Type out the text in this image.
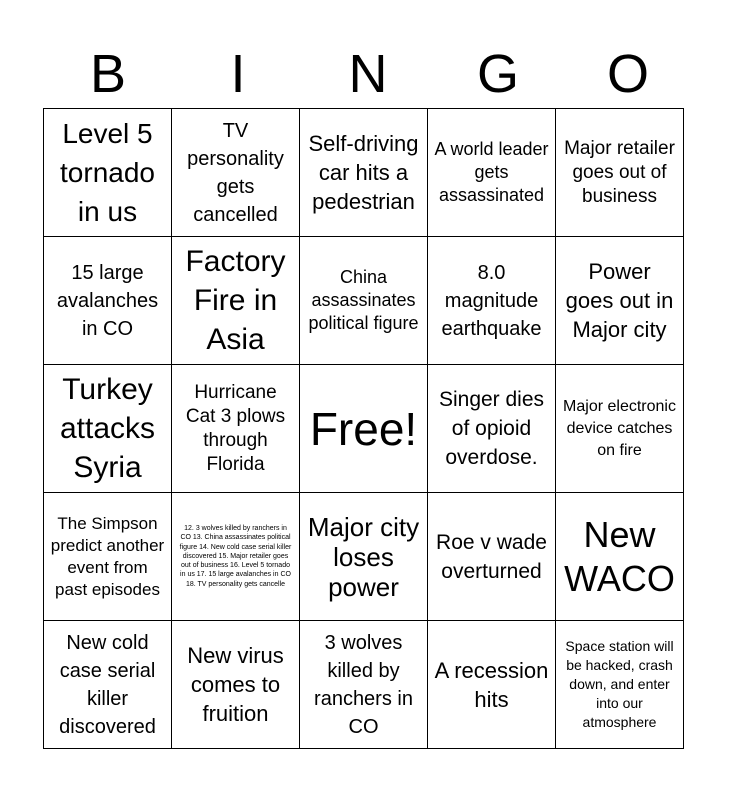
B	I	N	G	O
Level 5 tornado in us	TV personality gets cancelled	Self-driving car hits a pedestrian	A world leader gets assassinated	Major retailer goes out of business
15 large avalanches in CO	Factory Fire in Asia	China assassinates political figure	8.0 magnitude earthquake	Power goes out in Major city
Turkey attacks Syria	Hurricane Cat 3 plows through Florida	Free!	Singer dies of opioid overdose.	Major electronic device catches on fire
The Simpson predict another event from past episodes	12. 3 wolves killed by ranchers in CO 13. China assassinates political figure 14. New cold case serial killer discovered 15. Major retailer goes out of business 16. Level 5 tornado in us 17. 15 large avalanches in CO 18. TV personality gets cancelle	Major city loses power	Roe v wade overturned	New WACO
New cold case serial killer discovered	New virus comes to fruition	3 wolves killed by ranchers in CO	A recession hits	Space station will be hacked, crash down, and enter into our atmosphere
